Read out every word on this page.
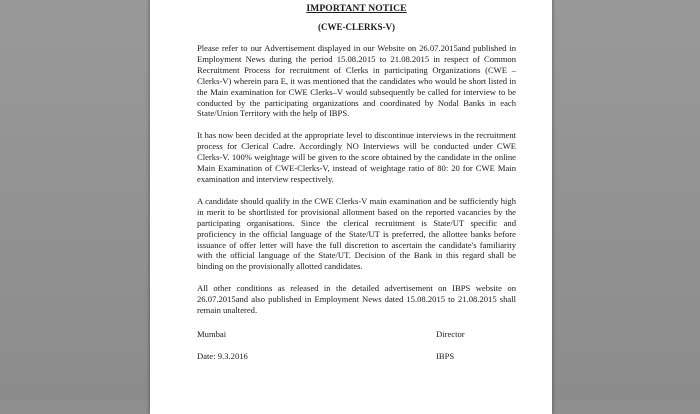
IMPORTANT NOTICE

(CWE-CLERKS-V)

Please refer to our Advertisement displayed in our Website on 26.07.2015and published in Employment News during the period 15.08.2015 to 21.08.2015 in respect of Common Recruitment Process for recruitment of Clerks in participating Organizations (CWE – Clerks-V) wherein para E, it was mentioned that the candidates who would be short listed in the Main examination for CWE Clerks–V would subsequently be called for interview to be conducted by the participating organizations and coordinated by Nodal Banks in each State/Union Territory with the help of IBPS.

It has now been decided at the appropriate level to discontinue interviews in the recruitment process for Clerical Cadre. Accordingly NO Interviews will be conducted under CWE Clerks-V. 100% weightage will be given to the score obtained by the candidate in the online Main Examination of CWE-Clerks-V, instead of weightage ratio of 80: 20 for CWE Main examination and interview respectively.

A candidate should qualify in the CWE Clerks-V main examination and be sufficiently high in merit to be shortlisted for provisional allotment based on the reported vacancies by the participating organisations. Since the clerical recruitment is State/UT specific and proficiency in the official language of the State/UT is preferred, the allottee banks before issuance of offer letter will have the full discretion to ascertain the candidate's familiarity with the official language of the State/UT. Decision of the Bank in this regard shall be binding on the provisionally allotted candidates.

All other conditions as released in the detailed advertisement on IBPS website on 26.07.2015and also published in Employment News dated 15.08.2015 to 21.08.2015 shall remain unaltered.

Mumbai	Director
Date: 9.3.2016	IBPS
